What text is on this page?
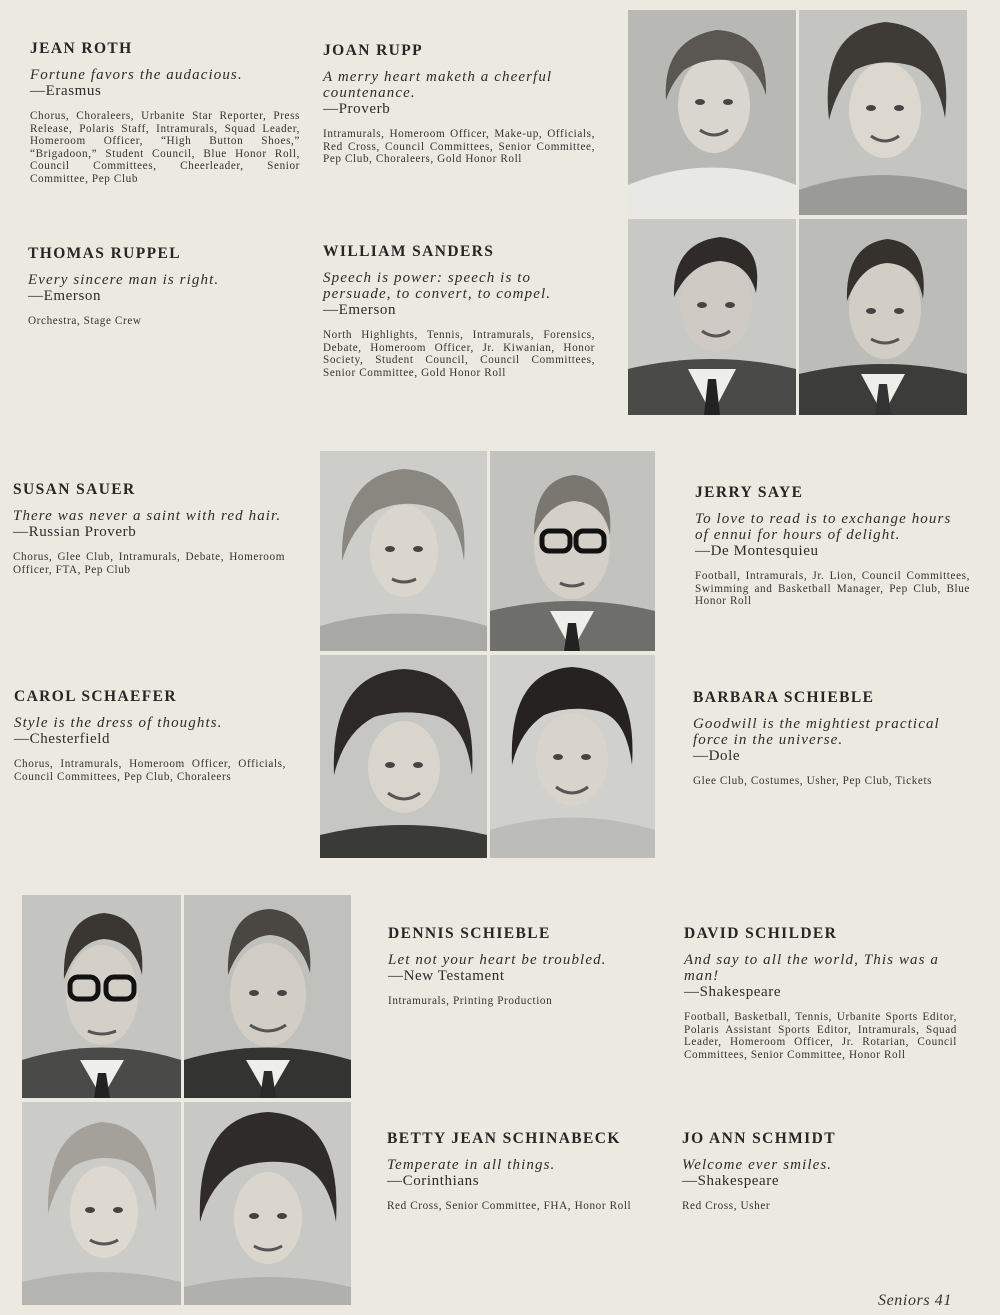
JEAN ROTH
Fortune favors the audacious.
—Erasmus
Chorus, Choraleers, Urbanite Star Reporter, Press Release, Polaris Staff, Intramurals, Squad Leader, Homeroom Officer, “High Button Shoes,” “Brigadoon,” Student Council, Blue Honor Roll, Council Committees, Cheerleader, Senior Committee, Pep Club
JOAN RUPP
A merry heart maketh a cheerful countenance.
—Proverb
Intramurals, Homeroom Officer, Make-up, Officials, Red Cross, Council Committees, Senior Committee, Pep Club, Choraleers, Gold Honor Roll
THOMAS RUPPEL
Every sincere man is right.
—Emerson
Orchestra, Stage Crew
WILLIAM SANDERS
Speech is power: speech is to persuade, to convert, to compel.
—Emerson
North Highlights, Tennis, Intramurals, Forensics, Debate, Homeroom Officer, Jr. Kiwanian, Honor Society, Student Council, Council Committees, Senior Committee, Gold Honor Roll
SUSAN SAUER
There was never a saint with red hair.
—Russian Proverb
Chorus, Glee Club, Intramurals, Debate, Homeroom Officer, FTA, Pep Club
JERRY SAYE
To love to read is to exchange hours of ennui for hours of delight.
—De Montesquieu
Football, Intramurals, Jr. Lion, Council Committees, Swimming and Basketball Manager, Pep Club, Blue Honor Roll
CAROL SCHAEFER
Style is the dress of thoughts.
—Chesterfield
Chorus, Intramurals, Homeroom Officer, Officials, Council Committees, Pep Club, Choraleers
BARBARA SCHIEBLE
Goodwill is the mightiest practical force in the universe.
—Dole
Glee Club, Costumes, Usher, Pep Club, Tickets
DENNIS SCHIEBLE
Let not your heart be troubled.
—New Testament
Intramurals, Printing Production
DAVID SCHILDER
And say to all the world, This was a man!
—Shakespeare
Football, Basketball, Tennis, Urbanite Sports Editor, Polaris Assistant Sports Editor, Intramurals, Squad Leader, Homeroom Officer, Jr. Rotarian, Council Committees, Senior Committee, Honor Roll
BETTY JEAN SCHINABECK
Temperate in all things.
—Corinthians
Red Cross, Senior Committee, FHA, Honor Roll
JO ANN SCHMIDT
Welcome ever smiles.
—Shakespeare
Red Cross, Usher
Seniors 41
